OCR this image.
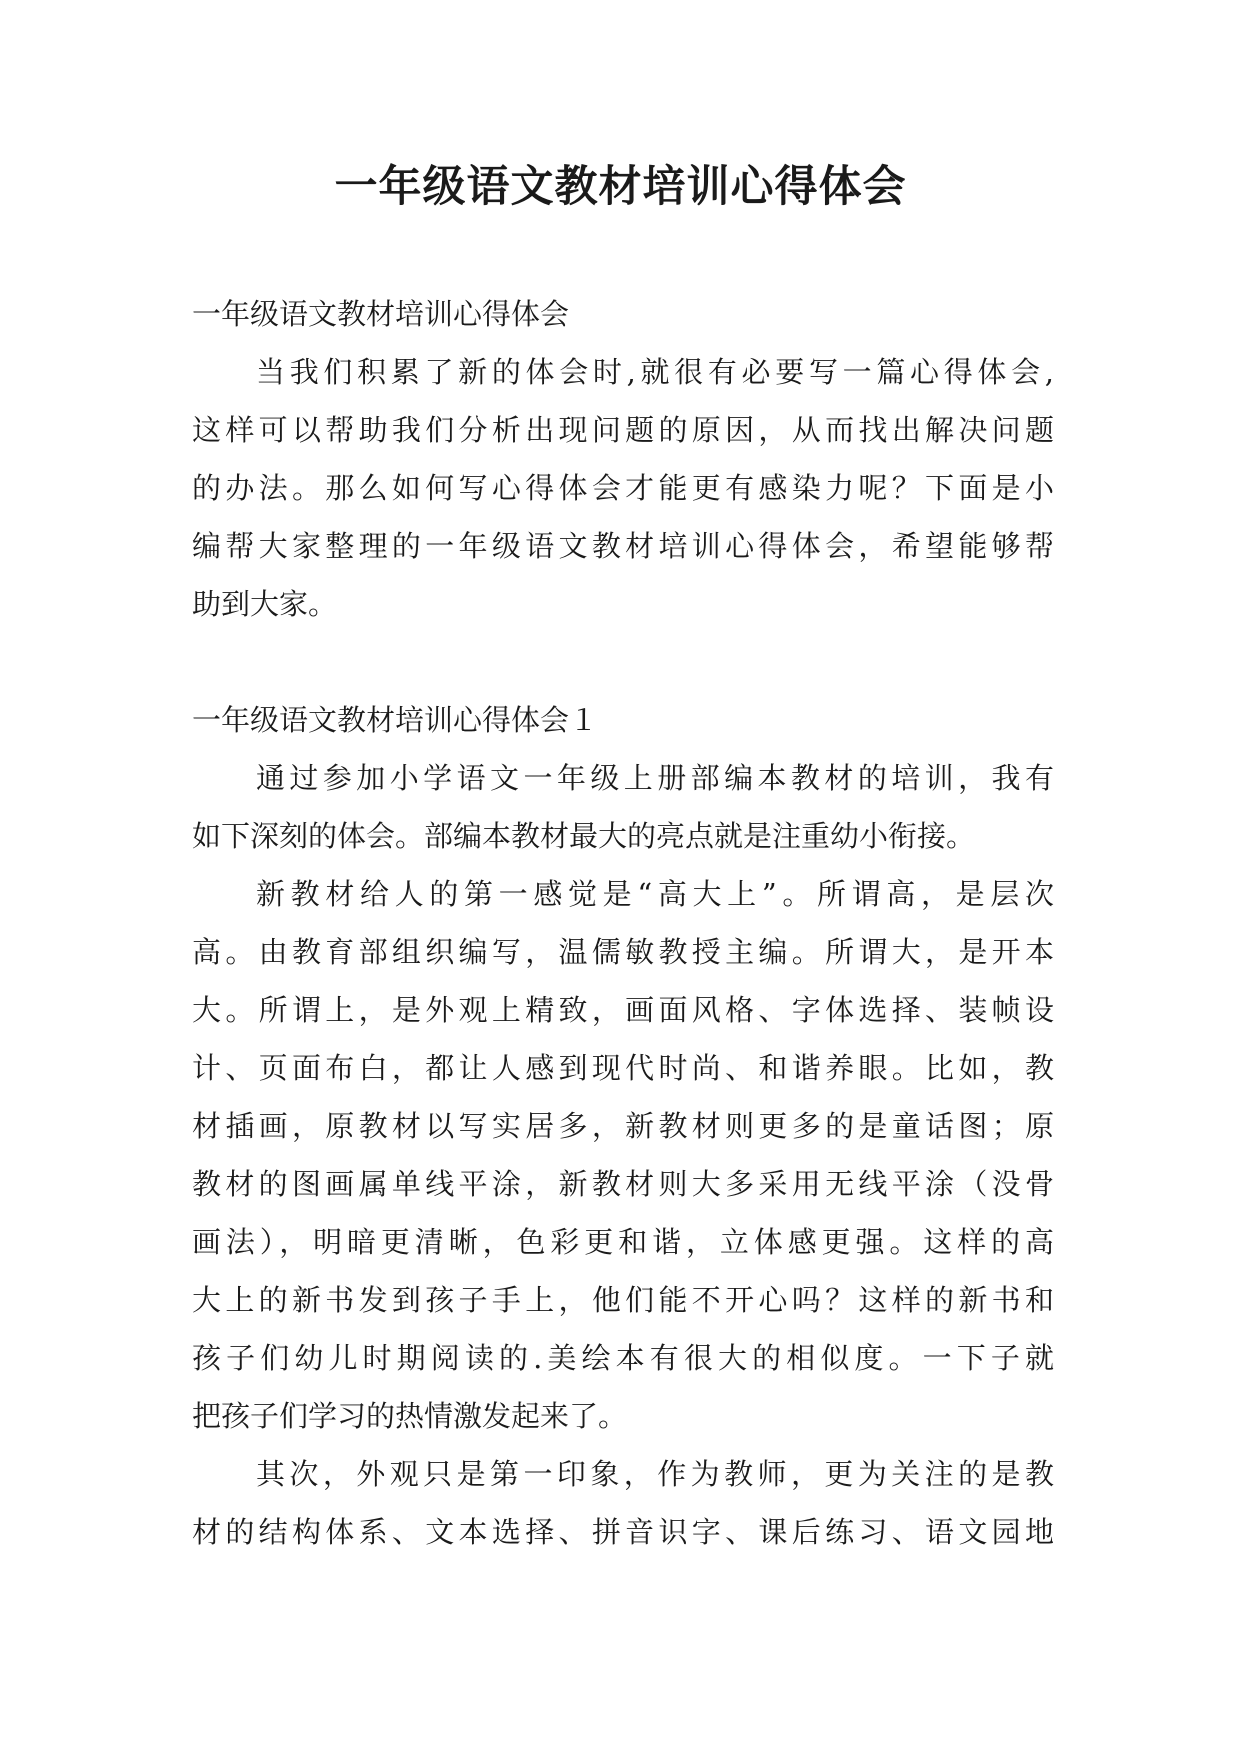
一年级语文教材培训心得体会
一年级语文教材培训心得体会
当我们积累了新的体会时,就很有必要写一篇心得体会,
这样可以帮助我们分析出现问题的原因，从而找出解决问题
的办法。那么如何写心得体会才能更有感染力呢？下面是小
编帮大家整理的一年级语文教材培训心得体会，希望能够帮
助到大家。
一年级语文教材培训心得体会１
通过参加小学语文一年级上册部编本教材的培训，我有
如下深刻的体会。部编本教材最大的亮点就是注重幼小衔接。
新教材给人的第一感觉是“高大上”。所谓高，是层次
高。由教育部组织编写，温儒敏教授主编。所谓大，是开本
大。所谓上，是外观上精致，画面风格、字体选择、装帧设
计、页面布白，都让人感到现代时尚、和谐养眼。比如，教
材插画，原教材以写实居多，新教材则更多的是童话图；原
教材的图画属单线平涂，新教材则大多采用无线平涂（没骨
画法），明暗更清晰，色彩更和谐，立体感更强。这样的高
大上的新书发到孩子手上，他们能不开心吗？这样的新书和
孩子们幼儿时期阅读的.美绘本有很大的相似度。一下子就
把孩子们学习的热情激发起来了。
其次，外观只是第一印象，作为教师，更为关注的是教
材的结构体系、文本选择、拼音识字、课后练习、语文园地
